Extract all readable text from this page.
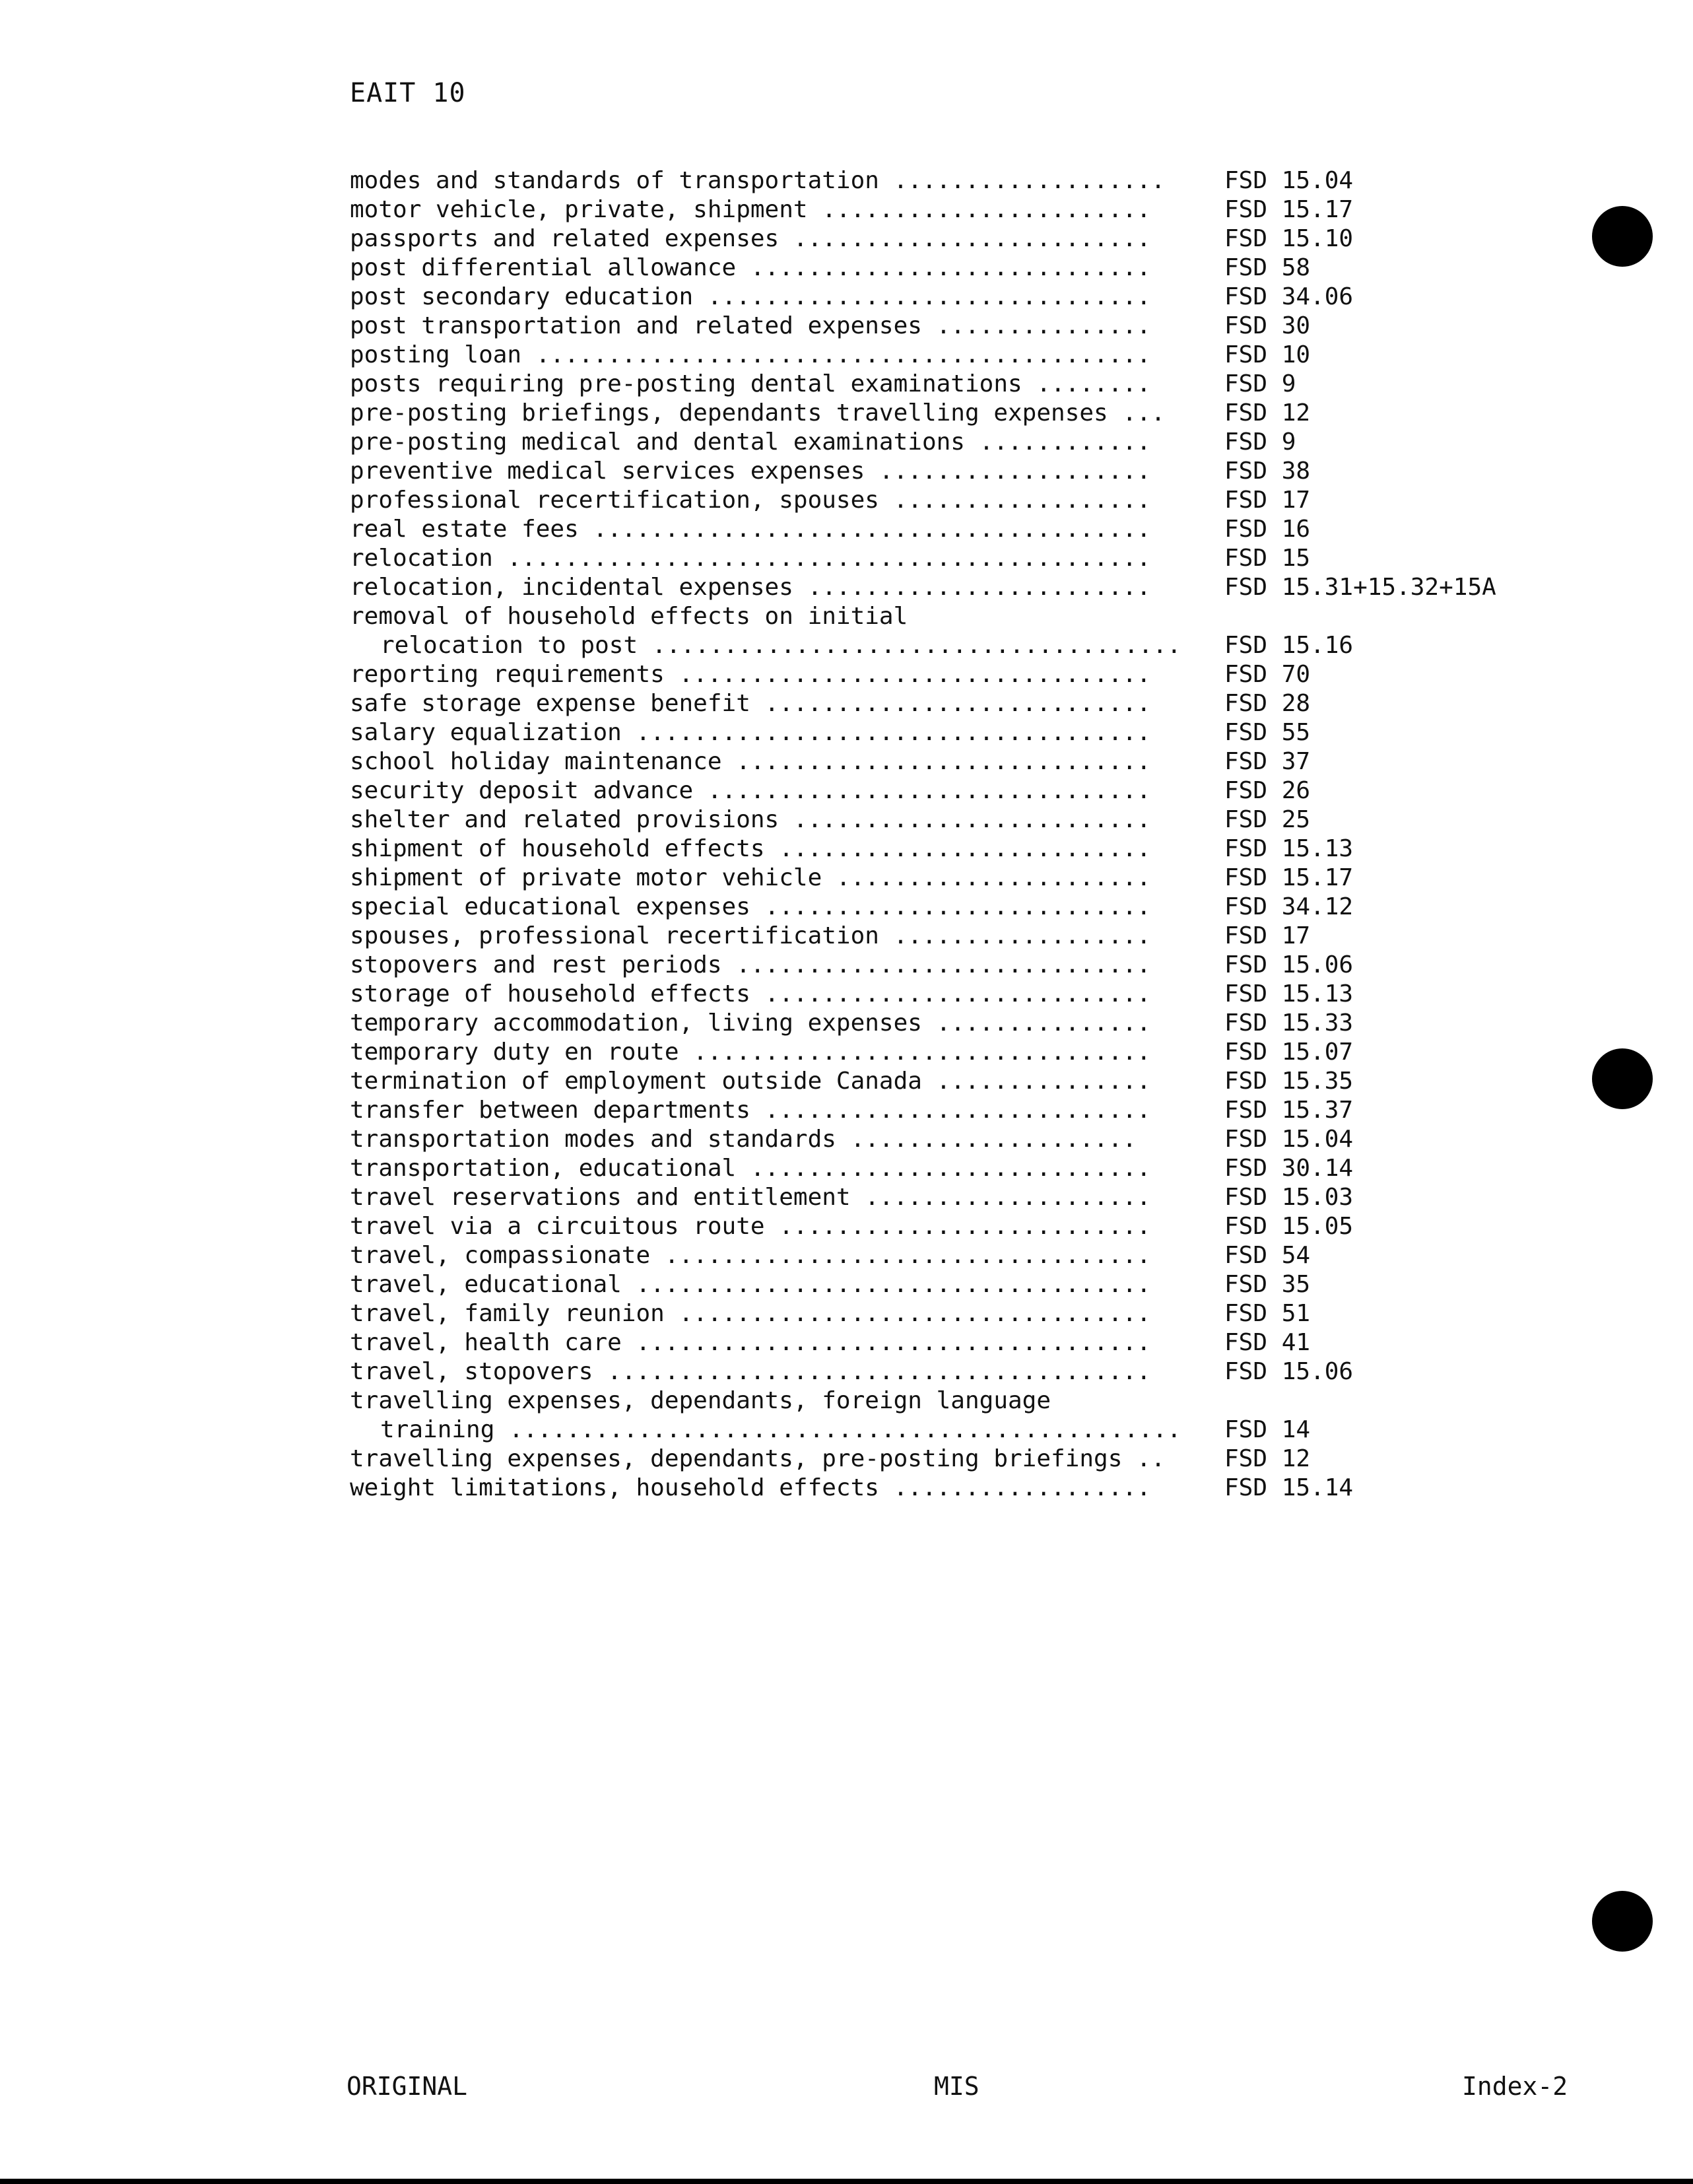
EAIT 10
modes and standards of transportation ................... FSD 15.04
motor vehicle, private, shipment .......................	FSD 15.17
passports and related expenses .........................	FSD 15.10
post differential allowance ............................	FSD 58
post secondary education ...............................	FSD 34.06
post transportation and related expenses ...............	FSD 30
posting loan ...........................................	FSD 10
posts requiring pre-posting dental examinations ........	FSD 9
pre-posting briefings, dependants travelling expenses ... FSD 12
pre-posting medical and dental examinations ............	FSD 9
preventive medical services expenses ...................	FSD 38
professional recertification, spouses ..................	FSD 17
real estate fees .......................................	FSD 16
relocation .............................................	FSD 15
relocation, incidental expenses ........................	FSD 15.31+15.32+15A
removal of household effects on initial
relocation to post ..................................... FSD 15.16
reporting requirements .................................	FSD 70
safe storage expense benefit ...........................	FSD 28
salary equalization ....................................	FSD 55
school holiday maintenance .............................	FSD 37
security deposit advance ...............................	FSD 26
shelter and related provisions .........................	FSD 25
shipment of household effects ..........................	FSD 15.13
shipment of private motor vehicle ......................	FSD 15.17
special educational expenses ...........................	FSD 34.12
spouses, professional recertification ..................	FSD 17
stopovers and rest periods .............................	FSD 15.06
storage of household effects ...........................	FSD 15.13
temporary accommodation, living expenses ...............	FSD 15.33
temporary duty en route ................................	FSD 15.07
termination of employment outside Canada ...............	FSD 15.35
transfer between departments ...........................	FSD 15.37
transportation modes and standards ....................	FSD 15.04
transportation, educational ............................	FSD 30.14
travel reservations and entitlement ....................	FSD 15.03
travel via a circuitous route ..........................	FSD 15.05
travel, compassionate ..................................	FSD 54
travel, educational ....................................	FSD 35
travel, family reunion .................................	FSD 51
travel, health care ....................................	FSD 41
travel, stopovers ......................................	FSD 15.06
travelling expenses, dependants, foreign language
training ............................................... FSD 14
travelling expenses, dependants, pre-posting briefings .. FSD 12
weight limitations, household effects ..................	FSD 15.14
ORIGINAL	MIS	Index-2
